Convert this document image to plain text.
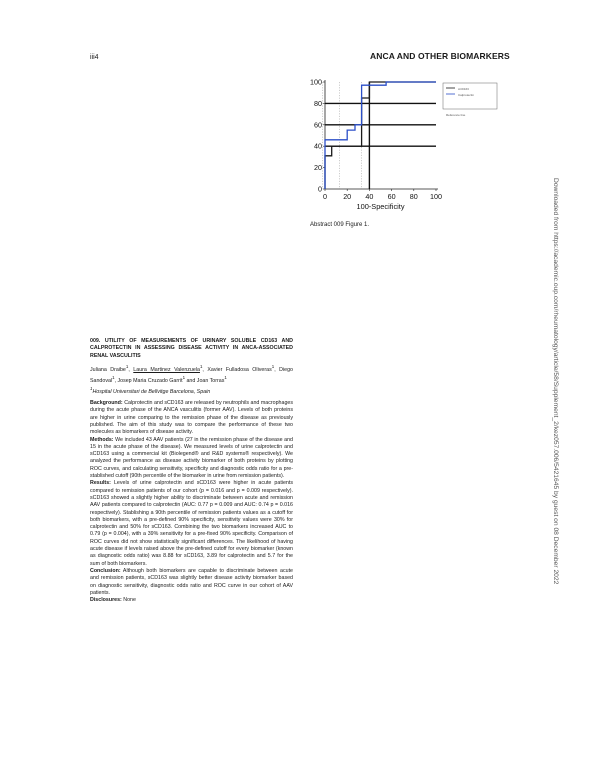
iii4	ANCA AND OTHER BIOMARKERS
sCD163
Calprotectin
Reference line
0 20 40 60 80 100
0
20
40
60
80
100
100-Specificity
Abstract 009 Figure 1.	Downloaded from https://academic.oup.com/rheumatology/article/58/Supplement_2/kez057.006/5421645 by guest on 08 December 2022

009. UTILITY OF MEASUREMENTS OF URINARY SOLUBLE CD163 AND CALPROTECTIN IN ASSESSING DISEASE ACTIVITY IN ANCA-ASSOCIATED RENAL VASCULITIS

Juliana Draibe$^1$, Laura Martinez Valenzuela$^1$, Xavier Fulladosa Oliveras$^1$, Diego Sandoval$^1$, Josep Maria Cruzado Garrit$^1$ and Joan Torras$^1$

$^1$Hospital Universitari de Bellvitge Barcelona, Spain

Background: Calprotectin and sCD163 are released by neutrophils and macrophages during the acute phase of the ANCA vasculitis (former AAV). Levels of both proteins are higher in urine comparing to the remission phase of the disease as previously published. The aim of this study was to compare the performance of these two molecules as biomarkers of disease activity.

Methods: We included 43 AAV patients (27 in the remission phase of the disease and 15 in the acute phase of the disease). We measured levels of urine calprotectin and sCD163 using a commercial kit (Biolegend® and R&D systems® respectively). We analyzed the performance as disease activity biomarker of both proteins by plotting ROC curves, and calculating sensitivity, specificity and diagnostic odds ratio for a pre-stablished cutoff (90th percentile of the biomarker in urine from remission patients).

Results: Levels of urine calprotectin and sCD163 were higher in acute patients compared to remission patients of our cohort (p = 0.016 and p = 0.009 respectively). sCD163 showed a slightly higher ability to discriminate between acute and remission AAV patients compared to calprotectin (AUC: 0.77 p = 0.009 and AUC: 0.74 p = 0.016 respectively). Stablishing a 90th percentile of remission patients values as a cutoff for both biomarkers, with a pre-defined 90% specificity, sensitivity values were 30% for calprotectin and 50% for sCD163. Combining the two biomarkers increased AUC to 0.79 (p = 0.004), with a 39% sensitivity for a pre-fixed 90% specificity. Comparison of ROC curves did not show statistically significant differences. The likelihood of having acute disease if levels raised above the pre-defined cutoff for every biomarker (known as diagnostic odds ratio) was 8.88 for sCD163, 3.89 for calprotectin and 5.7 for the sum of both biomarkers.

Conclusion: Although both biomarkers are capable to discriminate between acute and remission patients, sCD163 was slightly better disease activity biomarker based on diagnostic sensitivity, diagnostic odds ratio and ROC curve in our cohort of AAV patients.

Disclosures: None
